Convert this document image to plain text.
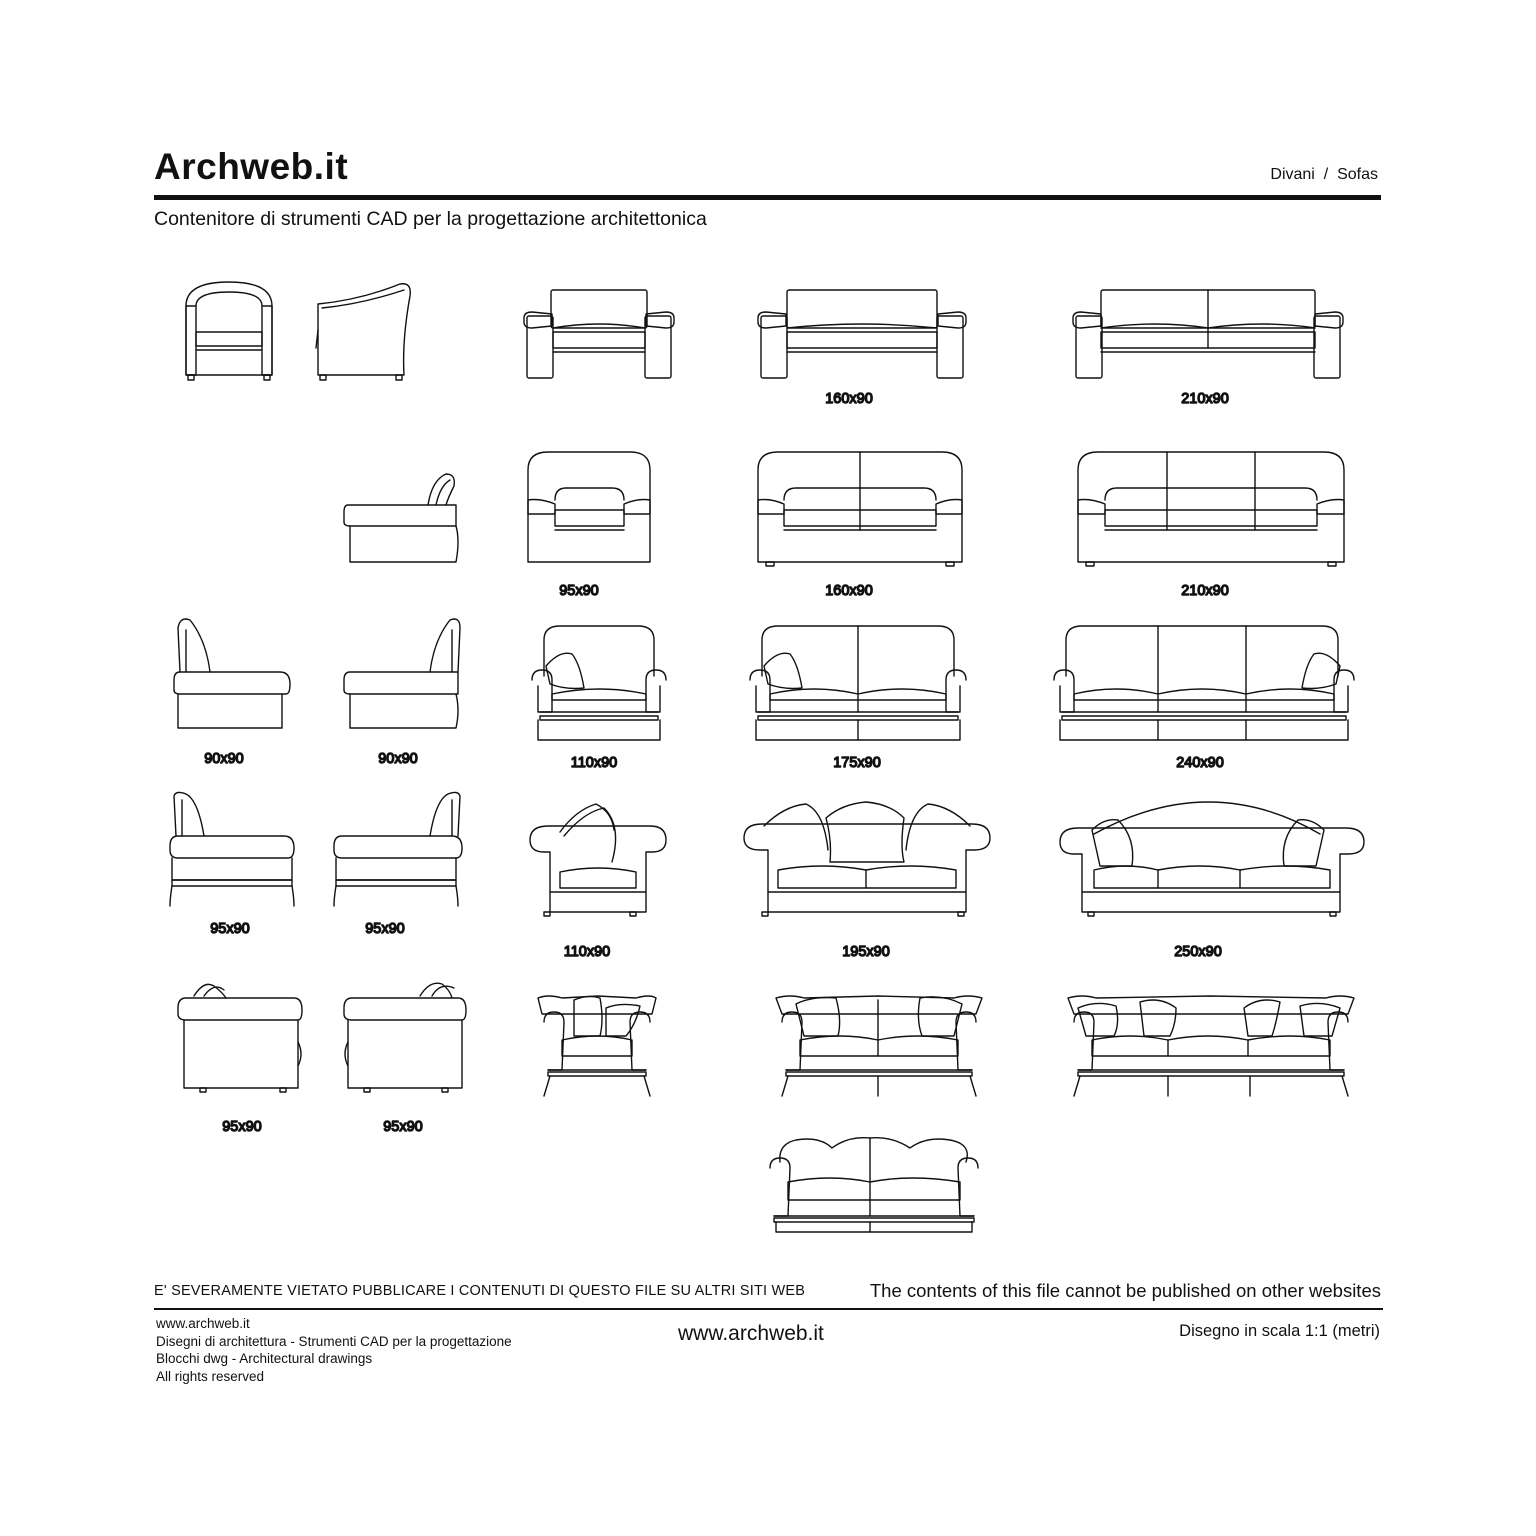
Archweb.it	Divani  /  Sofas
Contenitore di strumenti CAD per la progettazione architettonica
160x90	210x90
95x90	160x90	210x90
90x90	90x90	110x90	175x90	240x90
95x90	95x90
110x90	195x90	250x90
95x90	95x90
E' SEVERAMENTE VIETATO PUBBLICARE I CONTENUTI DI QUESTO FILE SU ALTRI SITI WEB	The contents of this file cannot be published on other websites
www.archweb.it
Disegni di architettura - Strumenti CAD per la progettazione
Blocchi dwg - Architectural drawings
All rights reserved
www.archweb.it	Disegno in scala 1:1 (metri)
